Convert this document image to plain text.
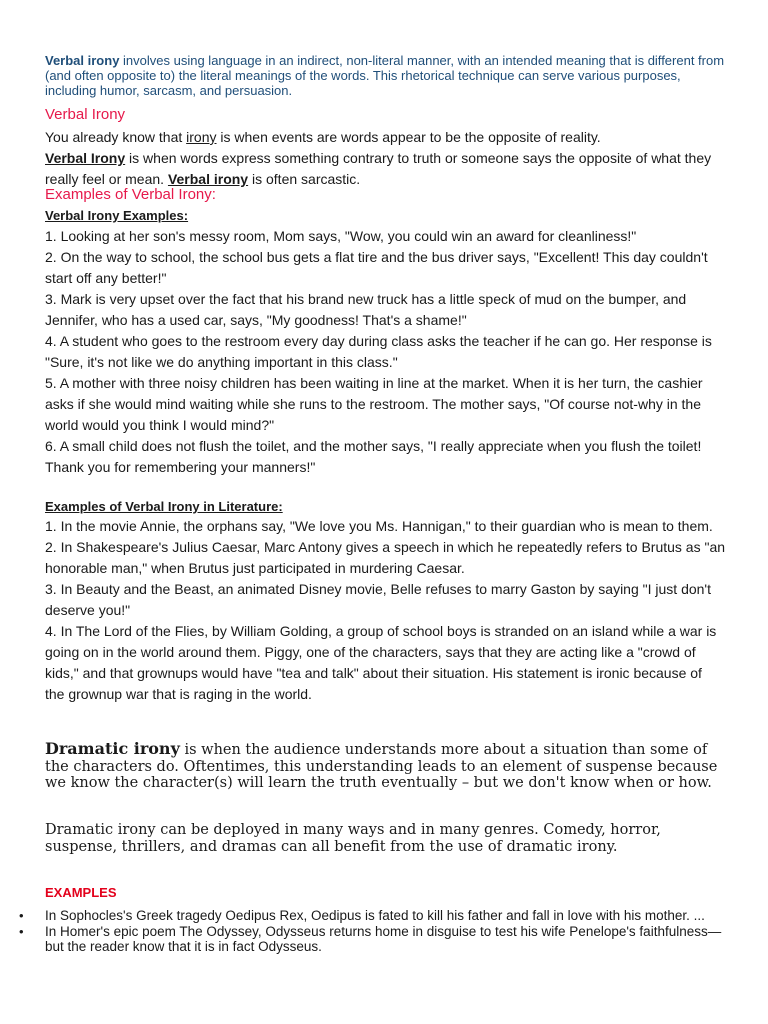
Verbal irony involves using language in an indirect, non-literal manner, with an intended meaning that is different from (and often opposite to) the literal meanings of the words. This rhetorical technique can serve various purposes, including humor, sarcasm, and persuasion.
Verbal Irony
You already know that irony is when events are words appear to be the opposite of reality.
Verbal Irony is when words express something contrary to truth or someone says the opposite of what they really feel or mean. Verbal irony is often sarcastic.
Examples of Verbal Irony:
Verbal Irony Examples:
1. Looking at her son's messy room, Mom says, "Wow, you could win an award for cleanliness!"
2. On the way to school, the school bus gets a flat tire and the bus driver says, "Excellent! This day couldn't start off any better!"
3. Mark is very upset over the fact that his brand new truck has a little speck of mud on the bumper, and Jennifer, who has a used car, says, "My goodness! That's a shame!"
4. A student who goes to the restroom every day during class asks the teacher if he can go. Her response is "Sure, it's not like we do anything important in this class."
5. A mother with three noisy children has been waiting in line at the market. When it is her turn, the cashier asks if she would mind waiting while she runs to the restroom. The mother says, "Of course not-why in the world would you think I would mind?"
6. A small child does not flush the toilet, and the mother says, "I really appreciate when you flush the toilet! Thank you for remembering your manners!"
Examples of Verbal Irony in Literature:
1. In the movie Annie, the orphans say, "We love you Ms. Hannigan," to their guardian who is mean to them.
2. In Shakespeare's Julius Caesar, Marc Antony gives a speech in which he repeatedly refers to Brutus as "an honorable man," when Brutus just participated in murdering Caesar.
3. In Beauty and the Beast, an animated Disney movie, Belle refuses to marry Gaston by saying "I just don't deserve you!"
4. In The Lord of the Flies, by William Golding, a group of school boys is stranded on an island while a war is going on in the world around them. Piggy, one of the characters, says that they are acting like a "crowd of kids," and that grownups would have "tea and talk" about their situation. His statement is ironic because of the grownup war that is raging in the world.
Dramatic irony is when the audience understands more about a situation than some of the characters do. Oftentimes, this understanding leads to an element of suspense because we know the character(s) will learn the truth eventually – but we don't know when or how.
Dramatic irony can be deployed in many ways and in many genres. Comedy, horror, suspense, thrillers, and dramas can all benefit from the use of dramatic irony.
EXAMPLES
• In Sophocles's Greek tragedy Oedipus Rex, Oedipus is fated to kill his father and fall in love with his mother. ...
• In Homer's epic poem The Odyssey, Odysseus returns home in disguise to test his wife Penelope's faithfulness—but the reader know that it is in fact Odysseus.
